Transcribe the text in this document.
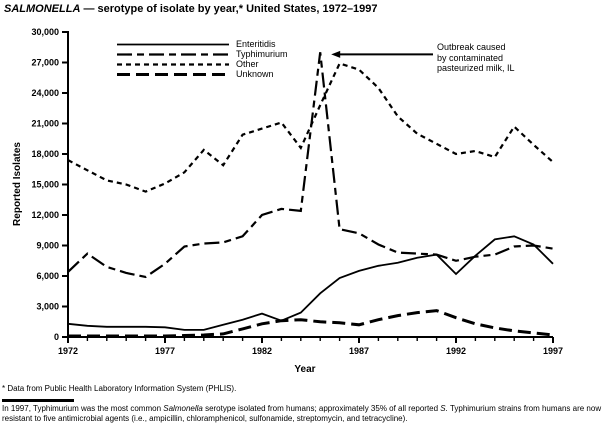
SALMONELLA — serotype of isolate by year,* United States, 1972–1997
0
3,000
6,000
9,000
12,000
15,000
18,000
21,000
24,000
27,000
30,000
1972	1977	1982	1987	1992	1997
Year
Reported Isolates
Enteritidis
Typhimurium
Other
Unknown
Outbreak caused
by contaminated
pasteurized milk, IL
* Data from Public Health Laboratory Information System (PHLIS).
In 1997, Typhimurium was the most common Salmonella serotype isolated from humans; approximately 35% of all reported S. Typhimurium strains from humans are now resistant to five antimicrobial agents (i.e., ampicillin, chloramphenicol, sulfonamide, streptomycin, and tetracycline).
